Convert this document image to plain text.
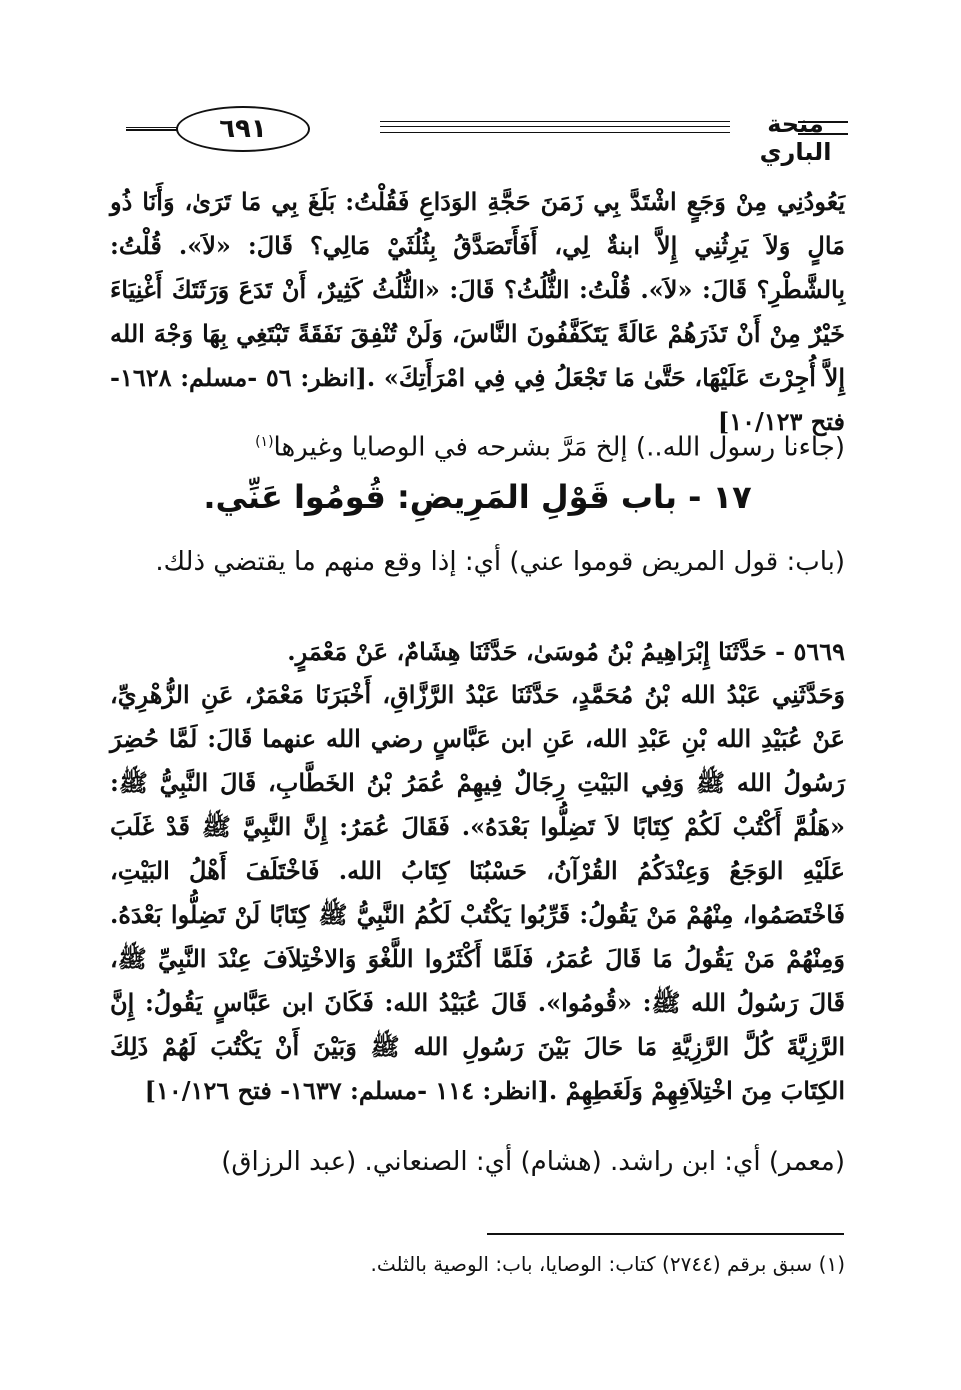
٦٩١	منحة الباري
يَعُودُنِي مِنْ وَجَعٍ اشْتَدَّ بِي زَمَنَ حَجَّةِ الوَدَاعِ فَقُلْتُ: بَلَغَ بِي مَا تَرَىٰ، وَأَنَا ذُو مَالٍ وَلاَ يَرِثُنِي إِلاَّ ابنةٌ لِي، أَفَأَتَصَدَّقُ بِثُلُثَيْ مَالِي؟ قَالَ: «لاَ». قُلْتُ: بِالشَّطْرِ؟ قَالَ: «لاَ». قُلْتُ: الثُّلُثُ؟ قَالَ: «الثُّلُثُ كَثِيرٌ، أَنْ تَدَعَ وَرَثَتَكَ أَغْنِيَاءَ خَيْرٌ مِنْ أَنْ تَذَرَهُمْ عَالَةً يَتَكَفَّفُونَ النَّاسَ، وَلَنْ تُنْفِقَ نَفَقَةً تَبْتَغِي بِهَا وَجْهَ الله إِلاَّ أُجِرْتَ عَلَيْهَا، حَتَّىٰ مَا تَجْعَلُ فِي فِي امْرَأَتِكَ» .[انظر: ٥٦ -مسلم: ١٦٢٨- فتح ١٠/١٢٣]
(جاءنا رسول الله..) إلخ مَرَّ بشرحه في الوصايا وغيرها$^{(١)}$
١٧ - باب قَوْلِ المَرِيضِ: قُومُوا عَنِّي.
(باب: قول المريض قوموا عني) أي: إذا وقع منهم ما يقتضي ذلك.
٥٦٦٩ - حَدَّثَنَا إِبْرَاهِيمُ بْنُ مُوسَىٰ، حَدَّثَنَا هِشَامٌ، عَنْ مَعْمَرٍ.
وَحَدَّثَنِي عَبْدُ الله بْنُ مُحَمَّدٍ، حَدَّثَنَا عَبْدُ الرَّزَّاقِ، أَخْبَرَنَا مَعْمَرٌ، عَنِ الزُّهْرِيِّ، عَنْ عُبَيْدِ الله بْنِ عَبْدِ الله، عَنِ ابن عَبَّاسٍ رضي الله عنهما قَالَ: لَمَّا حُضِرَ رَسُولُ الله ﷺ وَفِي البَيْتِ رِجَالٌ فِيهِمْ عُمَرُ بْنُ الخَطَّابِ، قَالَ النَّبِيُّ ﷺ: «هَلُمَّ أَكْتُبْ لَكُمْ كِتَابًا لاَ تَضِلُّوا بَعْدَهُ». فَقَالَ عُمَرُ: إِنَّ النَّبِيَّ ﷺ قَدْ غَلَبَ عَلَيْهِ الوَجَعُ وَعِنْدَكُمُ القُرْآنُ، حَسْبُنَا كِتَابُ الله. فَاخْتَلَفَ أَهْلُ البَيْتِ، فَاخْتَصَمُوا، مِنْهُمْ مَنْ يَقُولُ: قَرِّبُوا يَكْتُبْ لَكُمُ النَّبِيُّ ﷺ كِتَابًا لَنْ تَضِلُّوا بَعْدَهُ. وَمِنْهُمْ مَنْ يَقُولُ مَا قَالَ عُمَرُ، فَلَمَّا أَكْثَرُوا اللَّغْوَ وَالاخْتِلاَفَ عِنْدَ النَّبِيِّ ﷺ، قَالَ رَسُولُ الله ﷺ: «قُومُوا». قَالَ عُبَيْدُ الله: فَكَانَ ابن عَبَّاسٍ يَقُولُ: إِنَّ الرَّزِيَّةَ كُلَّ الرَّزِيَّةِ مَا حَالَ بَيْنَ رَسُولِ الله ﷺ وَبَيْنَ أَنْ يَكْتُبَ لَهُمْ ذَلِكَ الكِتَابَ مِنَ اخْتِلاَفِهِمْ وَلَغَطِهِمْ .[انظر: ١١٤ -مسلم: ١٦٣٧- فتح ١٠/١٢٦]
(معمر) أي: ابن راشد. (هشام) أي: الصنعاني. (عبد الرزاق)
(١) سبق برقم (٢٧٤٤) كتاب: الوصايا، باب: الوصية بالثلث.
